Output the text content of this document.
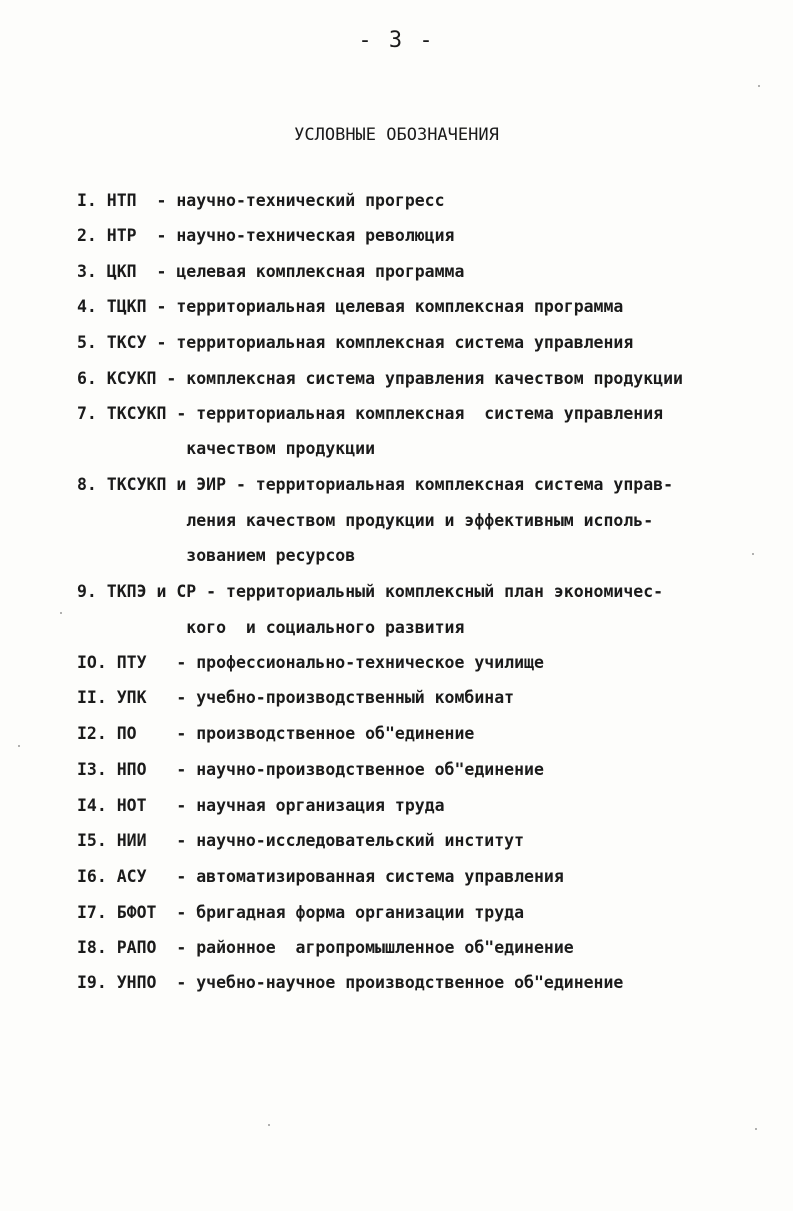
- 3 -
УСЛОВНЫЕ ОБОЗНАЧЕНИЯ
I. НТП  - научно-технический прогресс
2. НТР  - научно-техническая революция
3. ЦКП  - целевая комплексная программа
4. ТЦКП - территориальная целевая комплексная программа
5. ТКСУ - территориальная комплексная система управления
6. КСУКП - комплексная система управления качеством продукции
7. ТКСУКП - территориальная комплексная  система управления
качеством продукции
8. ТКСУКП и ЭИР - территориальная комплексная система управ-
ления качеством продукции и эффективным исполь-
зованием ресурсов
9. ТКПЭ и СР - территориальный комплексный план экономичес-
кого  и социального развития
IO. ПТУ   - профессионально-техническое училище
II. УПК   - учебно-производственный комбинат
I2. ПО    - производственное об"единение
I3. НПО   - научно-производственное об"единение
I4. НОТ   - научная организация труда
I5. НИИ   - научно-исследовательский институт
I6. АСУ   - автоматизированная система управления
I7. БФОТ  - бригадная форма организации труда
I8. РАПО  - районное  агропромышленное об"единение
I9. УНПО  - учебно-научное производственное об"единение
